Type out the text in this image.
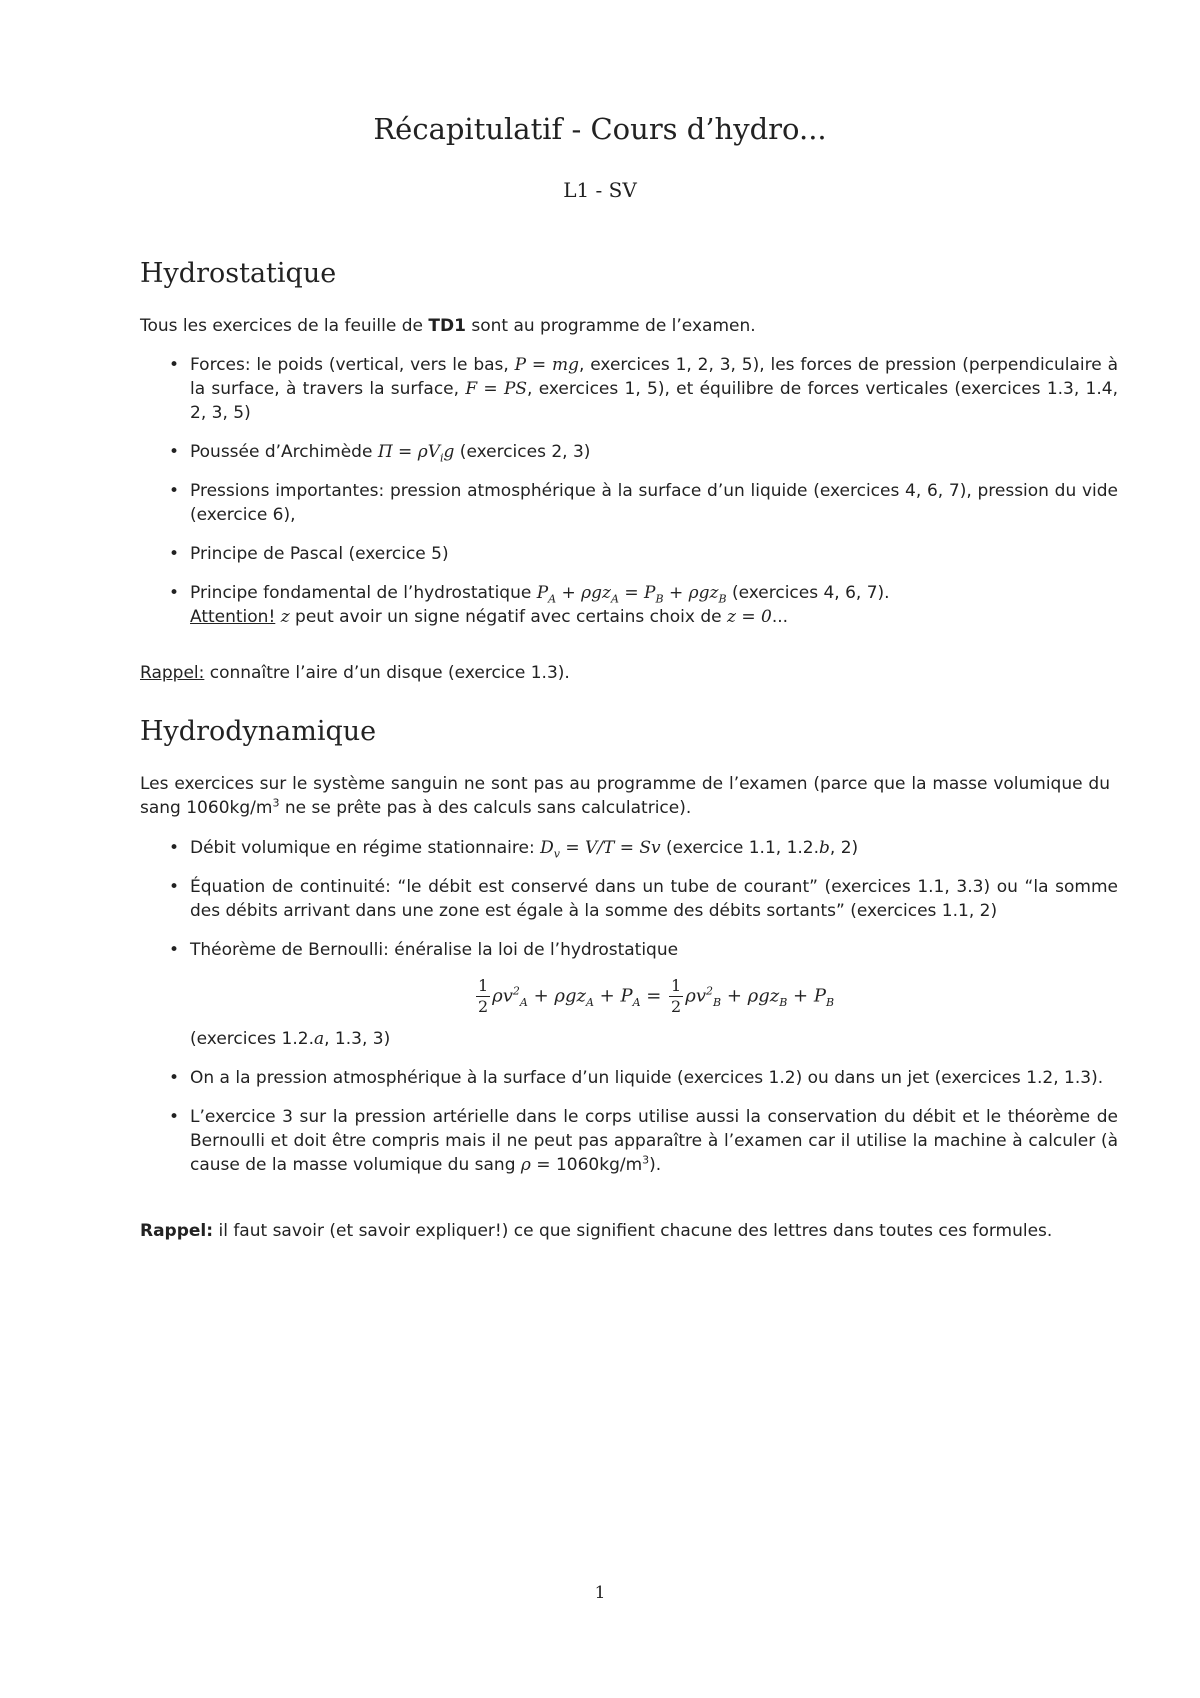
Récapitulatif - Cours d’hydro...
L1 - SV
Hydrostatique
Tous les exercices de la feuille de TD1 sont au programme de l’examen.
• Forces: le poids (vertical, vers le bas, P = mg, exercices 1, 2, 3, 5), les forces de pression (perpendiculaire à la surface, à travers la surface, F = PS, exercices 1, 5), et équilibre de forces verticales (exercices 1.3, 1.4, 2, 3, 5)
• Poussée d’Archimède $\Pi = \rho V_ig$ (exercices 2, 3)
• Pressions importantes: pression atmosphérique à la surface d’un liquide (exercices 4, 6, 7), pression du vide (exercice 6),
• Principe de Pascal (exercice 5)
• Principe fondamental de l’hydrostatique $P_A + \rho gz_A = P_B + \rho gz_B$ (exercices 4, 6, 7).
Attention! z peut avoir un signe négatif avec certains choix de z = 0...
Rappel: connaître l’aire d’un disque (exercice 1.3).
Hydrodynamique
Les exercices sur le système sanguin ne sont pas au programme de l’examen (parce que la masse volumique du sang $1060kg/m^3$ ne se prête pas à des calculs sans calculatrice).
• Débit volumique en régime stationnaire: $D_v = V/T = Sv$ (exercice 1.1, 1.2.b, 2)
• Équation de continuité: “le débit est conservé dans un tube de courant” (exercices 1.1, 3.3) ou “la somme des débits arrivant dans une zone est égale à la somme des débits sortants” (exercices 1.1, 2)
• Théorème de Bernoulli: énéralise la loi de l’hydrostatique
$\frac{1}{2} \rho v^2_A + \rho gz_A + P_A = \frac{1}{2} \rho v^2_B + \rho gz_B + P_B$
(exercices 1.2.a, 1.3, 3)
• On a la pression atmosphérique à la surface d’un liquide (exercices 1.2) ou dans un jet (exercices 1.2, 1.3).
• L’exercice 3 sur la pression artérielle dans le corps utilise aussi la conservation du débit et le théorème de Bernoulli et doit être compris mais il ne peut pas apparaître à l’examen car il utilise la machine à calculer (à cause de la masse volumique du sang $\rho = 1060kg/m^3$).
Rappel: il faut savoir (et savoir expliquer!) ce que signifient chacune des lettres dans toutes ces formules.
1
